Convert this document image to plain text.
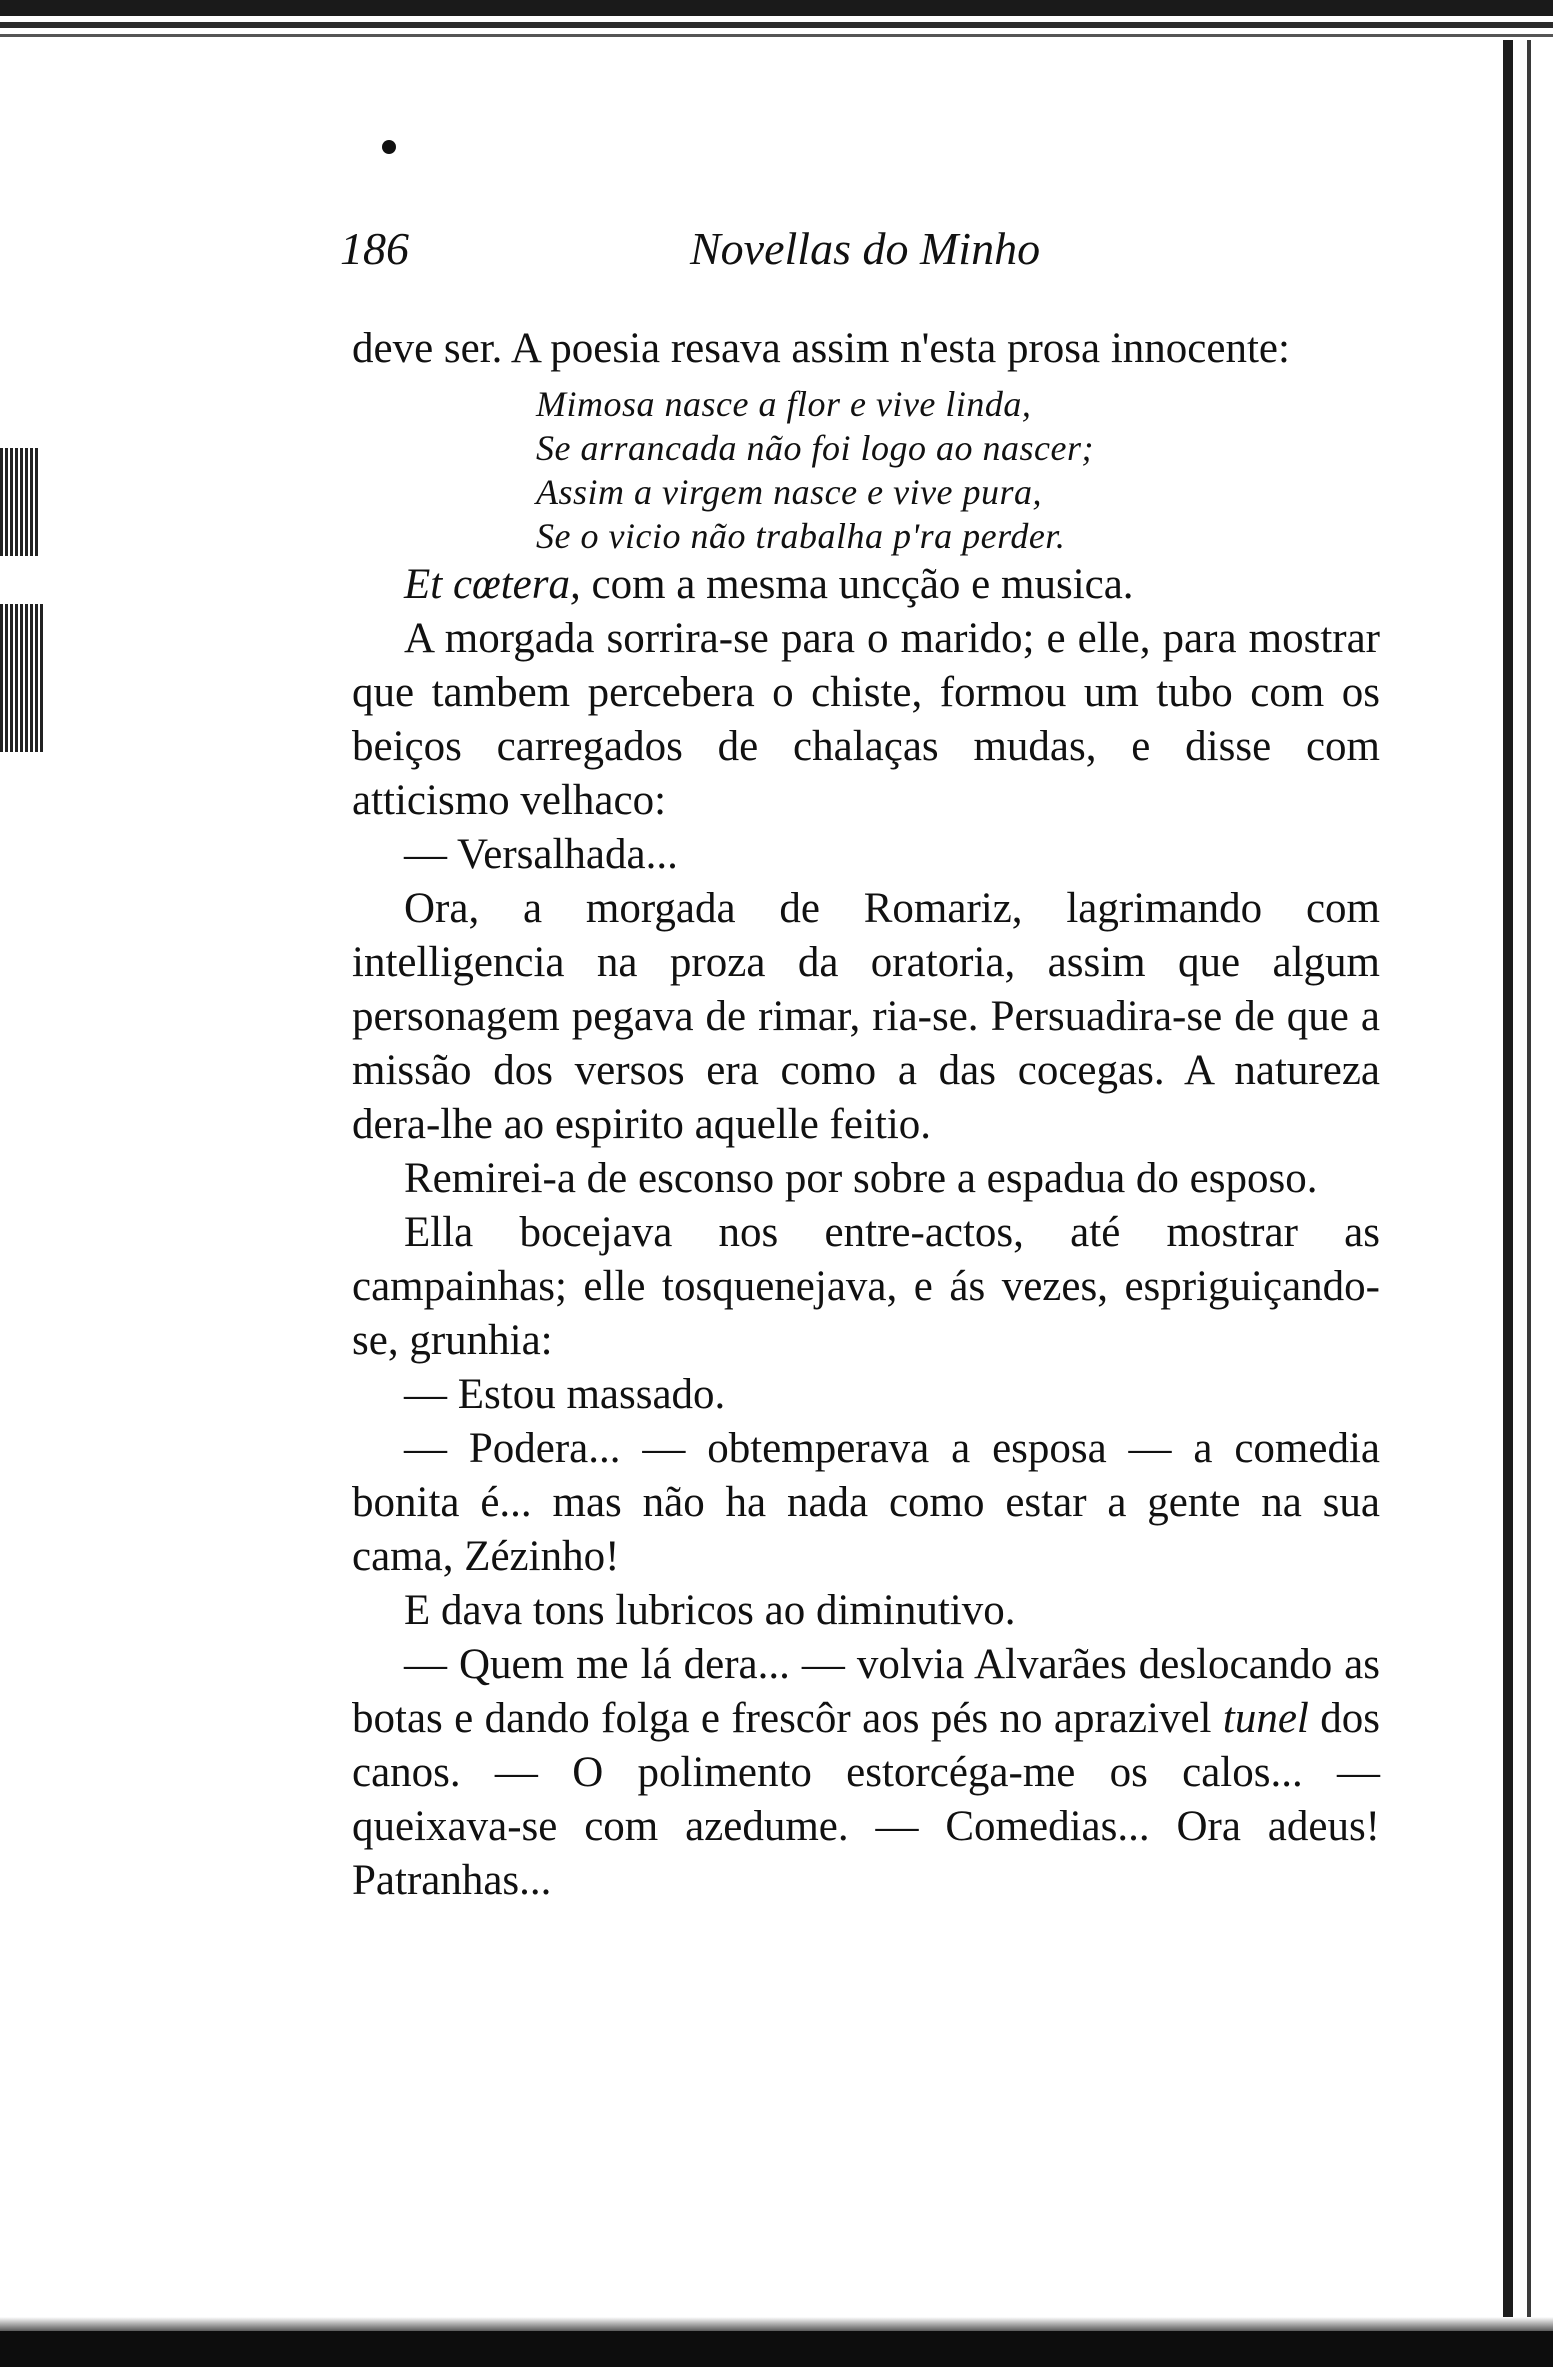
186	Novellas do Minho

deve ser. A poesia resava assim n'esta prosa innocente:

Mimosa nasce a flor e vive linda,
Se arrancada não foi logo ao nascer;
Assim a virgem nasce e vive pura,
Se o vicio não trabalha p'ra perder.

Et cœtera, com a mesma uncção e musica.

A morgada sorrira-se para o marido; e elle, para mostrar que tambem percebera o chiste, formou um tubo com os beiços carregados de chalaças mudas, e disse com atticismo velhaco:

— Versalhada...

Ora, a morgada de Romariz, lagrimando com intelligencia na proza da oratoria, assim que algum personagem pegava de rimar, ria-se. Persuadira-se de que a missão dos versos era como a das cocegas. A natureza dera-lhe ao espirito aquelle feitio.

Remirei-a de esconso por sobre a espadua do esposo.

Ella bocejava nos entre-actos, até mostrar as campainhas; elle tosquenejava, e ás vezes, espriguiçando-se, grunhia:

— Estou massado.

— Podera... — obtemperava a esposa — a comedia bonita é... mas não ha nada como estar a gente na sua cama, Zézinho!

E dava tons lubricos ao diminutivo.

— Quem me lá dera... — volvia Alvarães deslocando as botas e dando folga e frescôr aos pés no aprazivel tunel dos canos. — O polimento estorcéga-me os calos... — queixava-se com azedume. — Comedias... Ora adeus! Patranhas...
